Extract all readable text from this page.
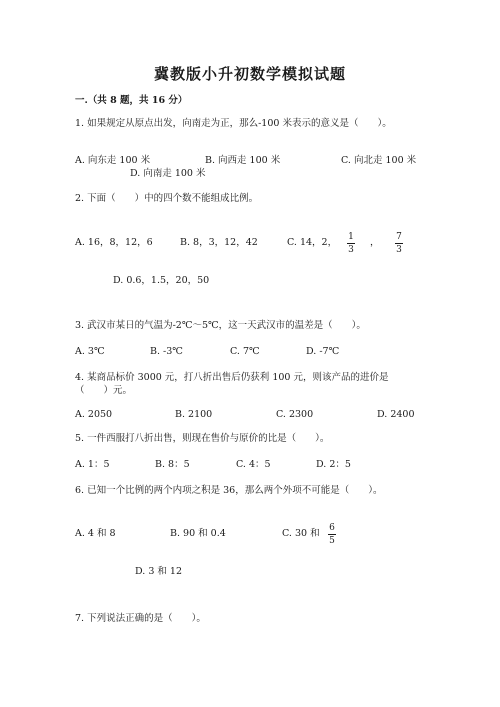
冀教版小升初数学模拟试题
一.（共 8 题，共 16 分）
1. 如果规定从原点出发，向南走为正，那么-100 米表示的意义是（　　）。
A. 向东走 100 米	B. 向西走 100 米	C. 向北走 100 米
D. 向南走 100 米
2. 下面（　　）中的四个数不能组成比例。
A. 16，8，12，6	B. 8，3，12，42	C. 14，2， 1
3
， 7
3
D. 0.6，1.5，20，50
3. 武汉市某日的气温为-2℃～5℃，这一天武汉市的温差是（　　）。
A. 3℃	B. -3℃	C. 7℃	D. -7℃
4. 某商品标价 3000 元，打八折出售后仍获利 100 元，则该产品的进价是
（　　）元。
A. 2050	B. 2100	C. 2300	D. 2400
5. 一件西服打八折出售，则现在售价与原价的比是（　　）。
A. 1：5	B. 8：5	C. 4：5	D. 2：5
6. 已知一个比例的两个内项之积是 36，那么两个外项不可能是（　　）。
A. 4 和 8	B. 90 和 0.4	C. 30 和 6
5
D. 3 和 12
7. 下列说法正确的是（　　）。
